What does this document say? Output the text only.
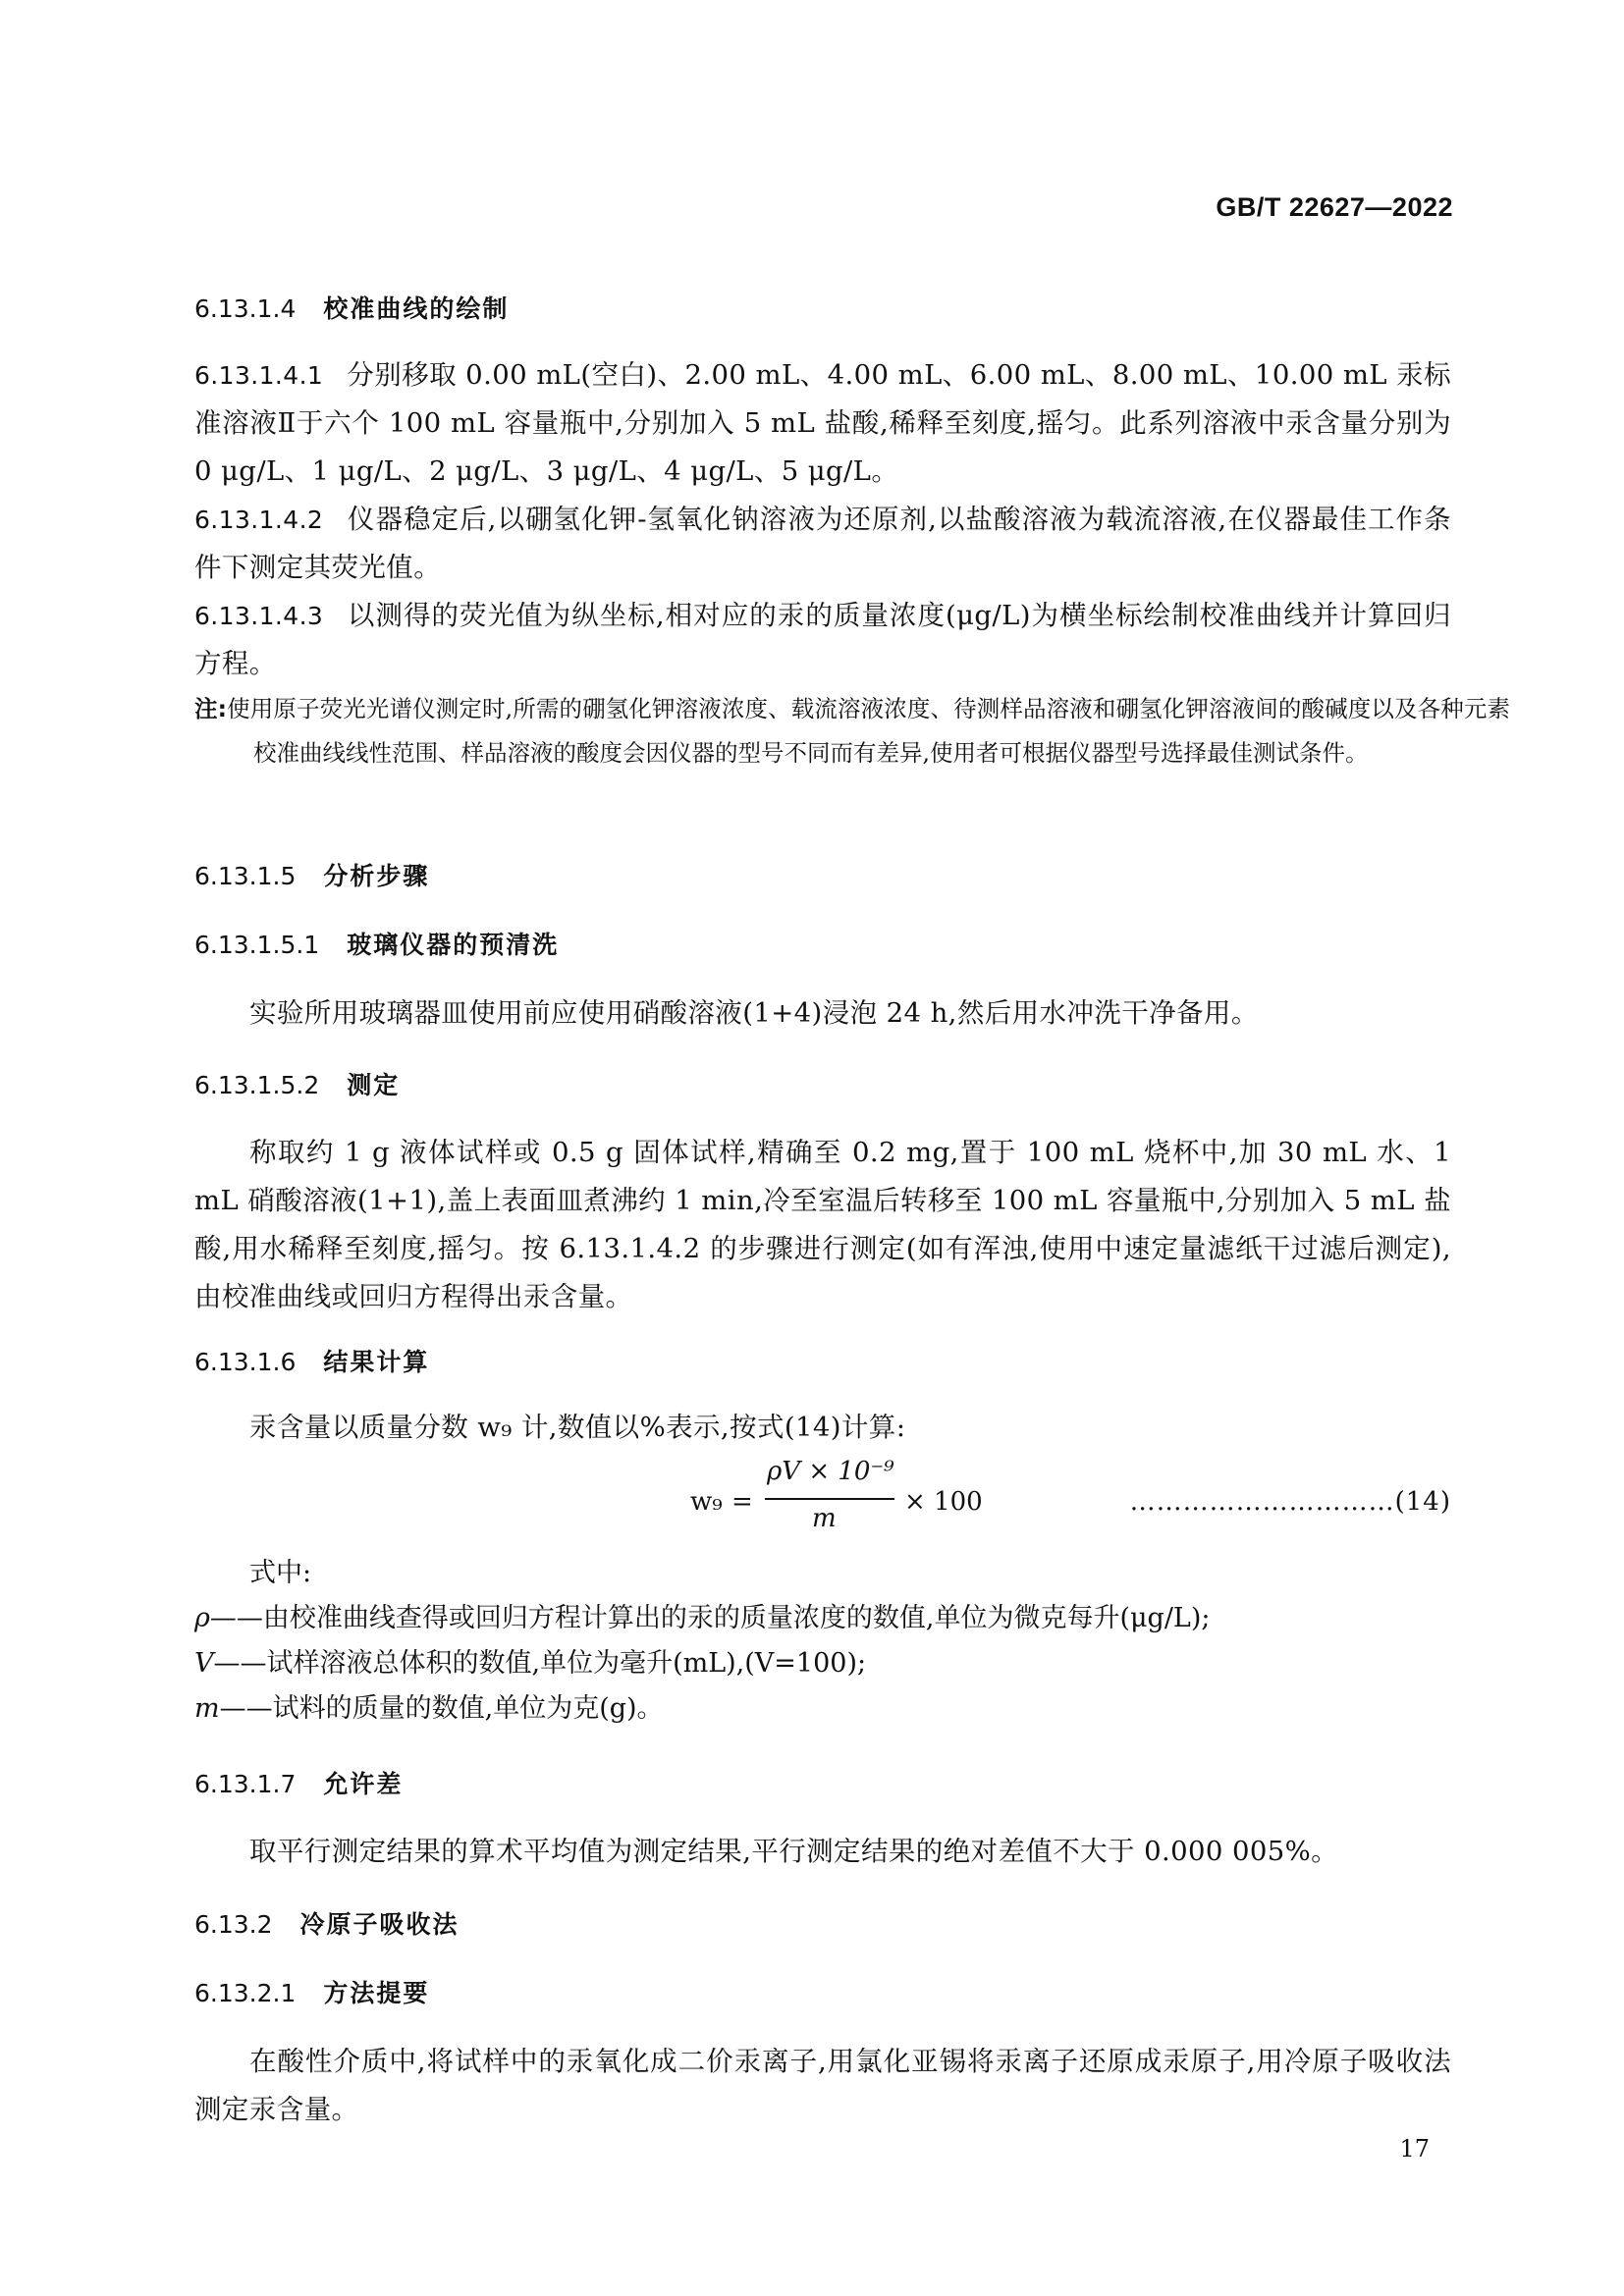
GB/T 22627—2022
6.13.1.4 校准曲线的绘制
6.13.1.4.1 分别移取 0.00 mL(空白)、2.00 mL、4.00 mL、6.00 mL、8.00 mL、10.00 mL 汞标准溶液Ⅱ于六个 100 mL 容量瓶中,分别加入 5 mL 盐酸,稀释至刻度,摇匀。此系列溶液中汞含量分别为 0 μg/L、1 μg/L、2 μg/L、3 μg/L、4 μg/L、5 μg/L。
6.13.1.4.2 仪器稳定后,以硼氢化钾-氢氧化钠溶液为还原剂,以盐酸溶液为载流溶液,在仪器最佳工作条件下测定其荧光值。
6.13.1.4.3 以测得的荧光值为纵坐标,相对应的汞的质量浓度(μg/L)为横坐标绘制校准曲线并计算回归方程。
注:使用原子荧光光谱仪测定时,所需的硼氢化钾溶液浓度、载流溶液浓度、待测样品溶液和硼氢化钾溶液间的酸碱度以及各种元素校准曲线线性范围、样品溶液的酸度会因仪器的型号不同而有差异,使用者可根据仪器型号选择最佳测试条件。
6.13.1.5 分析步骤
6.13.1.5.1 玻璃仪器的预清洗
实验所用玻璃器皿使用前应使用硝酸溶液(1+4)浸泡 24 h,然后用水冲洗干净备用。
6.13.1.5.2 测定
称取约 1 g 液体试样或 0.5 g 固体试样,精确至 0.2 mg,置于 100 mL 烧杯中,加 30 mL 水、1 mL 硝酸溶液(1+1),盖上表面皿煮沸约 1 min,冷至室温后转移至 100 mL 容量瓶中,分别加入 5 mL 盐酸,用水稀释至刻度,摇匀。按 6.13.1.4.2 的步骤进行测定(如有浑浊,使用中速定量滤纸干过滤后测定),由校准曲线或回归方程得出汞含量。
6.13.1.6 结果计算
汞含量以质量分数 w₉ 计,数值以%表示,按式(14)计算:
w₉ =
ρV × 10⁻⁹
m
× 100	…………………………(14)
式中:
ρ——由校准曲线查得或回归方程计算出的汞的质量浓度的数值,单位为微克每升(μg/L);
V——试样溶液总体积的数值,单位为毫升(mL),(V=100);
m——试料的质量的数值,单位为克(g)。
6.13.1.7 允许差
取平行测定结果的算术平均值为测定结果,平行测定结果的绝对差值不大于 0.000 005%。
6.13.2 冷原子吸收法
6.13.2.1 方法提要
在酸性介质中,将试样中的汞氧化成二价汞离子,用氯化亚锡将汞离子还原成汞原子,用冷原子吸收法测定汞含量。
17
